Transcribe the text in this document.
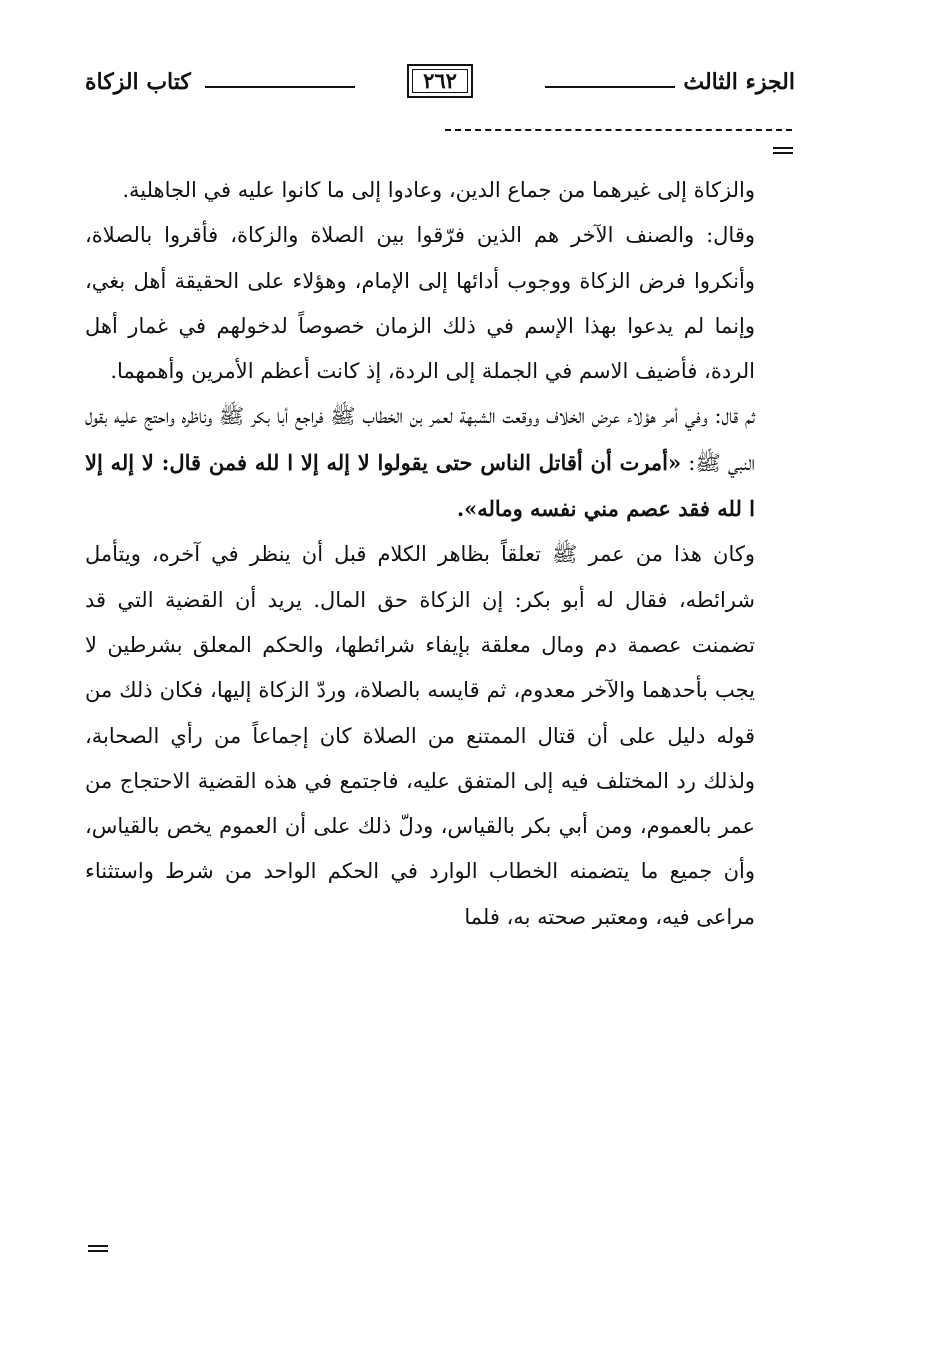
الجزء الثالث
٢٦٢
كتاب الزكاة

والزكاة إلى غيرهما من جماع الدين، وعادوا إلى ما كانوا عليه في الجاهلية.

وقال: والصنف الآخر هم الذين فرّقوا بين الصلاة والزكاة، فأقروا بالصلاة، وأنكروا فرض الزكاة ووجوب أدائها إلى الإمام، وهؤلاء على الحقيقة أهل بغي، وإنما لم يدعوا بهذا الإسم في ذلك الزمان خصوصاً لدخولهم في غمار أهل الردة، فأضيف الاسم في الجملة إلى الردة، إذ كانت أعظم الأمرين وأهمهما.

ثم قال: وفي أمر هؤلاء عرض الخلاف ووقعت الشبهة لعمر بن الخطاب ﷺ فراجع أبا بكر ﷺ وناظره واحتج عليه بقول النبي ﷺ: «أمرت أن أقاتل الناس حتى يقولوا لا إله إلا ا لله فمن قال: لا إله إلا ا لله فقد عصم مني نفسه وماله».

وكان هذا من عمر ﷺ تعلقاً بظاهر الكلام قبل أن ينظر في آخره، ويتأمل شرائطه، فقال له أبو بكر: إن الزكاة حق المال. يريد أن القضية التي قد تضمنت عصمة دم ومال معلقة بإيفاء شرائطها، والحكم المعلق بشرطين لا يجب بأحدهما والآخر معدوم، ثم قايسه بالصلاة، وردّ الزكاة إليها، فكان ذلك من قوله دليل على أن قتال الممتنع من الصلاة كان إجماعاً من رأي الصحابة، ولذلك رد المختلف فيه إلى المتفق عليه، فاجتمع في هذه القضية الاحتجاج من عمر بالعموم، ومن أبي بكر بالقياس، ودلّ ذلك على أن العموم يخص بالقياس، وأن جميع ما يتضمنه الخطاب الوارد في الحكم الواحد من شرط واستثناء مراعى فيه، ومعتبر صحته به، فلما
